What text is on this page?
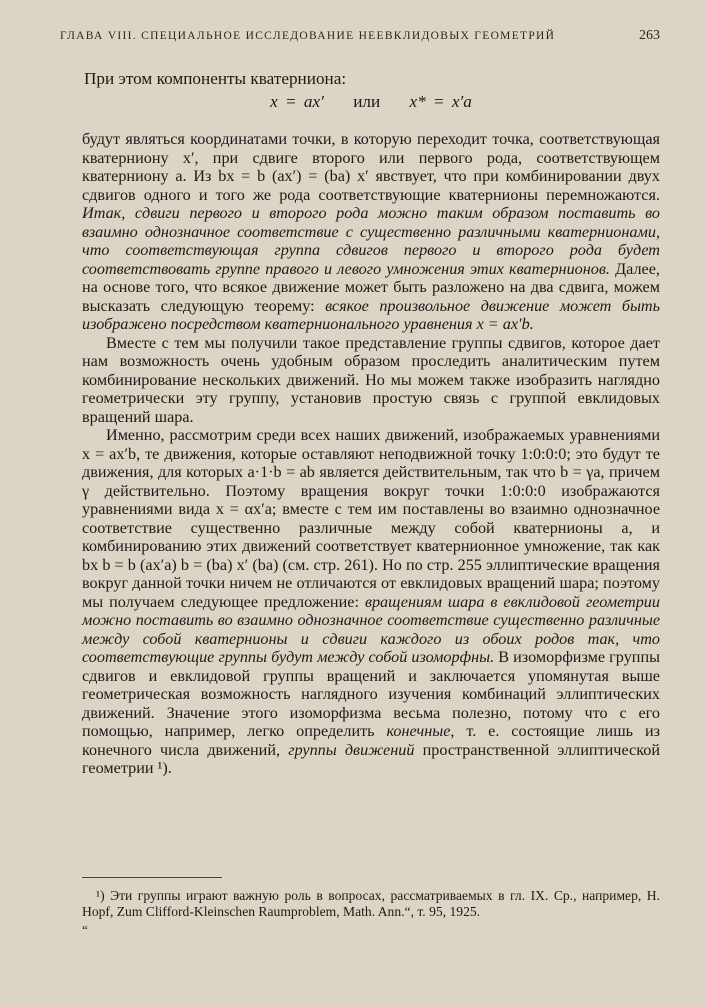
ГЛАВА VIII. СПЕЦИАЛЬНОЕ ИССЛЕДОВАНИЕ НЕЕВКЛИДОВЫХ ГЕОМЕТРИЙ	263

При этом компоненты кватерниона:

x = ax′ или x* = x′a

будут являться координатами точки, в которую переходит точка, соответствующая кватерниону x′, при сдвиге второго или первого рода, соответствующем кватерниону a. Из bx = b (ax′) = (ba) x′ явствует, что при комбинировании двух сдвигов одного и того же рода соответствующие кватернионы перемножаются. Итак, сдвиги первого и второго рода можно таким образом поставить во взаимно однозначное соответствие с существенно различными кватернионами, что соответствующая группа сдвигов первого и второго рода будет соответствовать группе правого и левого умножения этих кватернионов. Далее, на основе того, что всякое движение может быть разложено на два сдвига, можем высказать следующую теорему: всякое произвольное движение может быть изображено посредством кватернионального уравнения x = ax′b.

Вместе с тем мы получили такое представление группы сдвигов, которое дает нам возможность очень удобным образом проследить аналитическим путем комбинирование нескольких движений. Но мы можем также изобразить наглядно геометрически эту группу, установив простую связь с группой евклидовых вращений шара.

Именно, рассмотрим среди всех наших движений, изображаемых уравнениями x = ax′b, те движения, которые оставляют неподвижной точку 1:0:0:0; это будут те движения, для которых a·1·b = ab является действительным, так что b = γa, причем γ действительно. Поэтому вращения вокруг точки 1:0:0:0 изображаются уравнениями вида x = αx′a; вместе с тем им поставлены во взаимно однозначное соответствие существенно различные между собой кватернионы a, и комбинированию этих движений соответствует кватернионное умножение, так как bx b = b (ax′a) b = (ba) x′ (ba) (см. стр. 261). Но по стр. 255 эллиптические вращения вокруг данной точки ничем не отличаются от евклидовых вращений шара; поэтому мы получаем следующее предложение: вращениям шара в евклидовой геометрии можно поставить во взаимно однозначное соответствие существенно различные между собой кватернионы и сдвиги каждого из обоих родов так, что соответствующие группы будут между собой изоморфны. В изоморфизме группы сдвигов и евклидовой группы вращений и заключается упомянутая выше геометрическая возможность наглядного изучения комбинаций эллиптических движений. Значение этого изоморфизма весьма полезно, потому что с его помощью, например, легко определить конечные, т. е. состоящие лишь из конечного числа движений, группы движений пространственной эллиптической геометрии ¹).

¹) Эти группы играют важную роль в вопросах, рассматриваемых в гл. IX. Ср., например, H. Hopf, Zum Clifford-Kleinschen Raumproblem, Math. Ann.“, т. 95, 1925.

“
